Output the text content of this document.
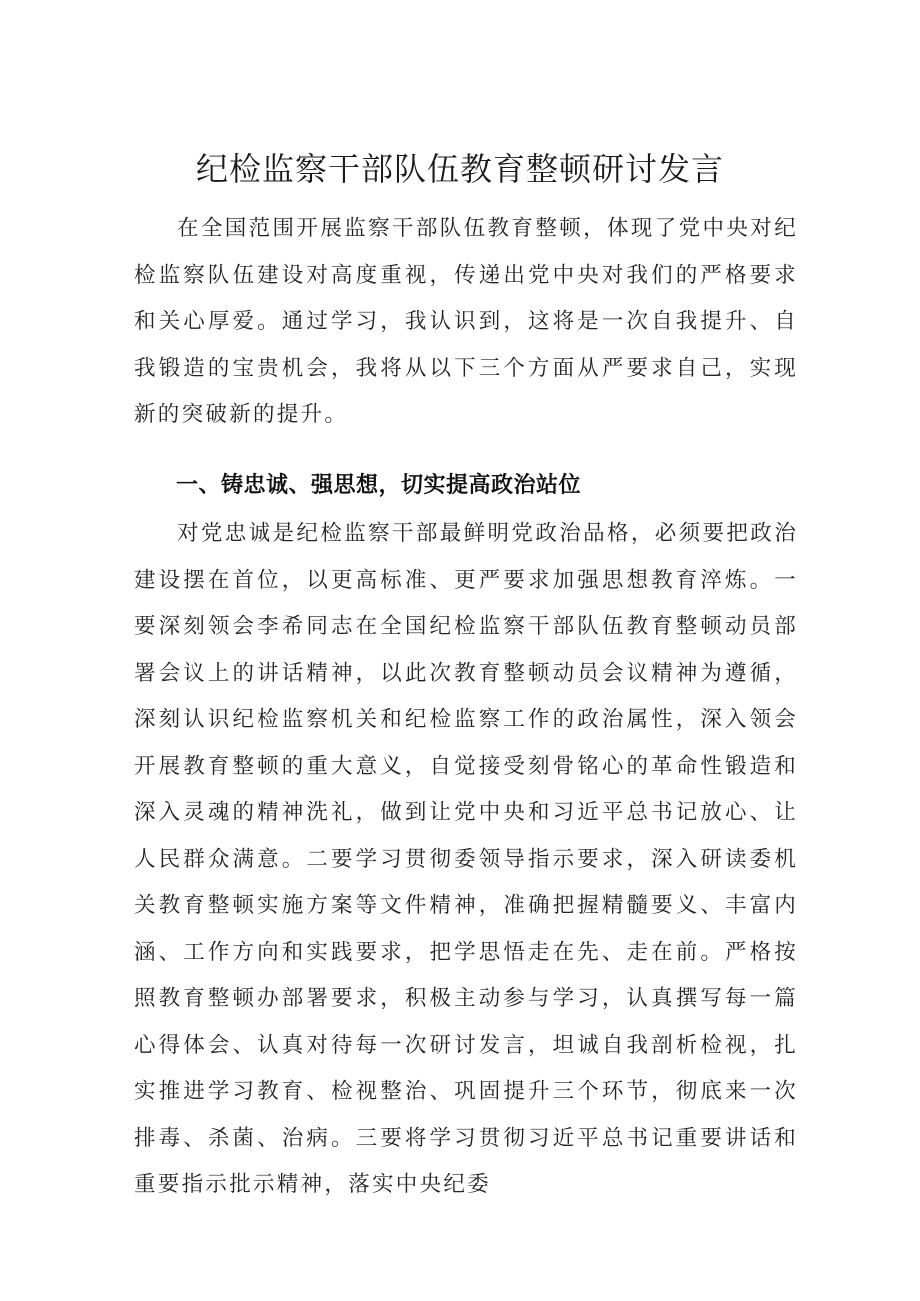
纪检监察干部队伍教育整顿研讨发言

在全国范围开展监察干部队伍教育整顿，体现了党中央对纪检监察队伍建设对高度重视，传递出党中央对我们的严格要求和关心厚爱。通过学习，我认识到，这将是一次自我提升、自我锻造的宝贵机会，我将从以下三个方面从严要求自己，实现新的突破新的提升。

一、铸忠诚、强思想，切实提高政治站位

对党忠诚是纪检监察干部最鲜明党政治品格，必须要把政治建设摆在首位，以更高标准、更严要求加强思想教育淬炼。一要深刻领会李希同志在全国纪检监察干部队伍教育整顿动员部署会议上的讲话精神，以此次教育整顿动员会议精神为遵循，深刻认识纪检监察机关和纪检监察工作的政治属性，深入领会开展教育整顿的重大意义，自觉接受刻骨铭心的革命性锻造和深入灵魂的精神洗礼，做到让党中央和习近平总书记放心、让人民群众满意。二要学习贯彻委领导指示要求，深入研读委机关教育整顿实施方案等文件精神，准确把握精髓要义、丰富内涵、工作方向和实践要求，把学思悟走在先、走在前。严格按照教育整顿办部署要求，积极主动参与学习，认真撰写每一篇心得体会、认真对待每一次研讨发言，坦诚自我剖析检视，扎实推进学习教育、检视整治、巩固提升三个环节，彻底来一次排毒、杀菌、治病。三要将学习贯彻习近平总书记重要讲话和重要指示批示精神，落实中央纪委
